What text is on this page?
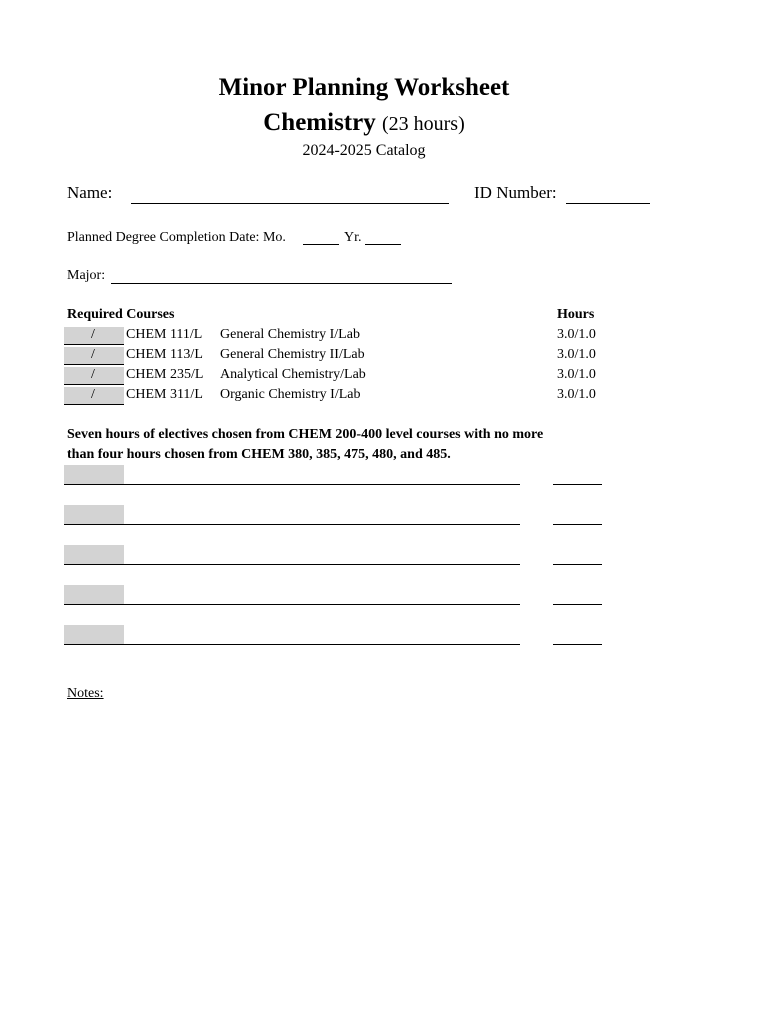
Minor Planning Worksheet
Chemistry (23 hours)
2024-2025 Catalog
Name:	ID Number:
Planned Degree Completion Date: Mo.	Yr.
Major:
Required Courses	Hours
/ CHEM 111/L General Chemistry I/Lab	3.0/1.0
/ CHEM 113/L General Chemistry II/Lab	3.0/1.0
/ CHEM 235/L Analytical Chemistry/Lab	3.0/1.0
/ CHEM 311/L Organic Chemistry I/Lab	3.0/1.0
Seven hours of electives chosen from CHEM 200-400 level courses with no more
than four hours chosen from CHEM 380, 385, 475, 480, and 485.
Notes:
